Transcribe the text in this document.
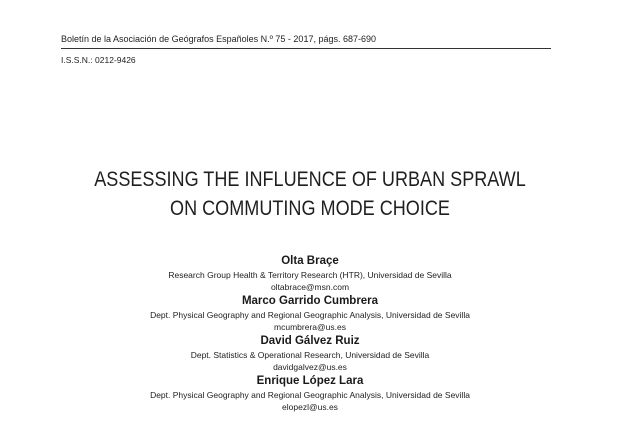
Boletín de la Asociación de Geógrafos Españoles N.º 75 - 2017, págs. 687-690
I.S.S.N.: 0212-9426
ASSESSING THE INFLUENCE OF URBAN SPRAWL
ON COMMUTING MODE CHOICE
Olta Braçe
Research Group Health & Territory Research (HTR), Universidad de Sevilla
oltabrace@msn.com
Marco Garrido Cumbrera
Dept. Physical Geography and Regional Geographic Analysis, Universidad de Sevilla
mcumbrera@us.es
David Gálvez Ruiz
Dept. Statistics & Operational Research, Universidad de Sevilla
davidgalvez@us.es
Enrique López Lara
Dept. Physical Geography and Regional Geographic Analysis, Universidad de Sevilla
elopezl@us.es
